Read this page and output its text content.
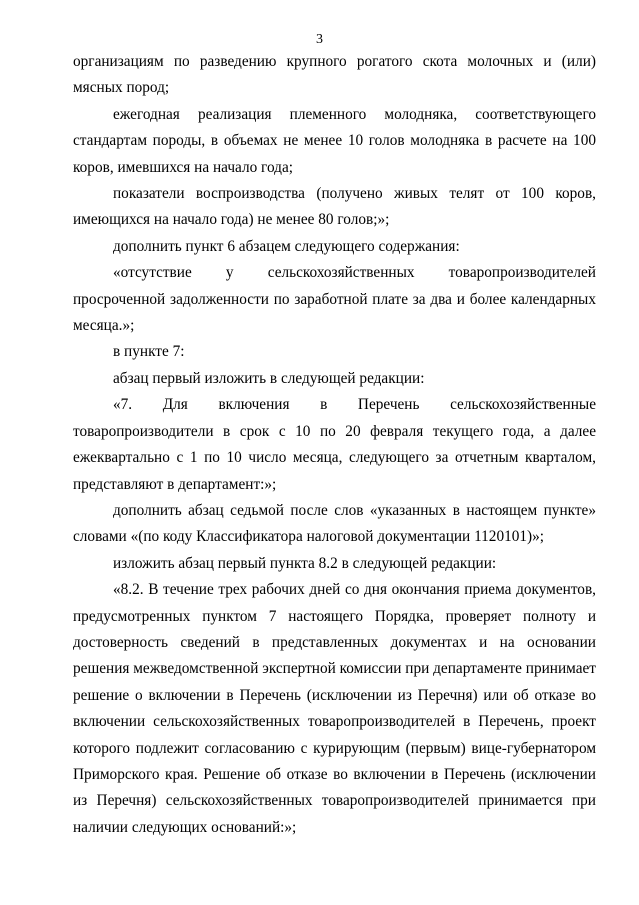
3

организациям по разведению крупного рогатого скота молочных и (или) мясных пород;

ежегодная реализация племенного молодняка, соответствующего стандартам породы, в объемах не менее 10 голов молодняка в расчете на 100 коров, имевшихся на начало года;

показатели воспроизводства (получено живых телят от 100 коров, имеющихся на начало года) не менее 80 голов;»;

дополнить пункт 6 абзацем следующего содержания:

«отсутствие у сельскохозяйственных товаропроизводителей просроченной задолженности по заработной плате за два и более календарных месяца.»;

в пункте 7:

абзац первый изложить в следующей редакции:

«7. Для включения в Перечень сельскохозяйственные товаропроизводители в срок с 10 по 20 февраля текущего года, а далее ежеквартально с 1 по 10 число месяца, следующего за отчетным кварталом, представляют в департамент:»;

дополнить абзац седьмой после слов «указанных в настоящем пункте» словами «(по коду Классификатора налоговой документации 1120101)»;

изложить абзац первый пункта 8.2 в следующей редакции:

«8.2. В течение трех рабочих дней со дня окончания приема документов, предусмотренных пунктом 7 настоящего Порядка, проверяет полноту и достоверность сведений в представленных документах и на основании решения межведомственной экспертной комиссии при департаменте принимает решение о включении в Перечень (исключении из Перечня) или об отказе во включении сельскохозяйственных товаропроизводителей в Перечень, проект которого подлежит согласованию с курирующим (первым) вице-губернатором Приморского края. Решение об отказе во включении в Перечень (исключении из Перечня) сельскохозяйственных товаропроизводителей принимается при наличии следующих оснований:»;
